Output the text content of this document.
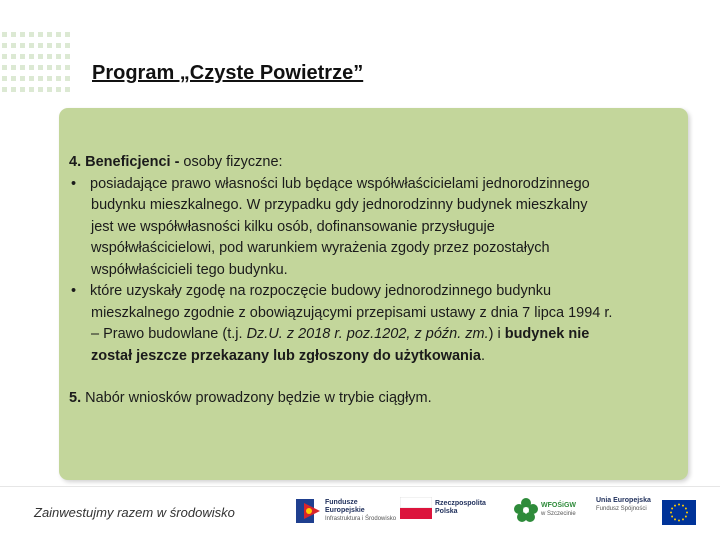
Program „Czyste Powietrze”
4. Beneficjenci - osoby fizyczne:
• posiadające prawo własności lub będące współwłaścicielami jednorodzinnego
budynku mieszkalnego. W przypadku gdy jednorodzinny budynek mieszkalny
jest we współwłasności kilku osób, dofinansowanie przysługuje
współwłaścicielowi, pod warunkiem wyrażenia zgody przez pozostałych
współwłaścicieli tego budynku.
• które uzyskały zgodę na rozpoczęcie budowy jednorodzinnego budynku
mieszkalnego zgodnie z obowiązującymi przepisami ustawy z dnia 7 lipca 1994 r.
– Prawo budowlane (t.j. Dz.U. z 2018 r. poz.1202, z późn. zm.) i budynek nie
został jeszcze przekazany lub zgłoszony do użytkowania.
5. Nabór wniosków prowadzony będzie w trybie ciągłym.
Zainwestujmy razem w środowisko
Fundusze
Europejskie
Infrastruktura i Środowisko
Rzeczpospolita
Polska
WFOŚiGW
w Szczecinie
Unia Europejska
Fundusz Spójności
